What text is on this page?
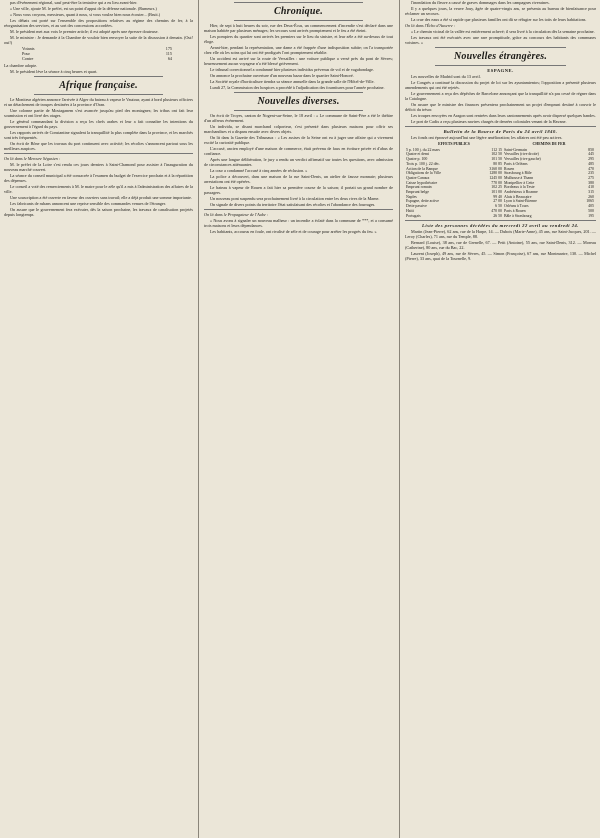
pas d'événement régional, sauf peut-être la tentative qui a eu lieu avant-hier.

« Une ville, ajoute M. le préfet, est un point d'appui de la défense nationale. (Rumeurs.)

« Nous vous croyons, messieurs, quant à nous, si vous voulez bien nous écouter... (Bruit.)

Les débats ont porté sur l'ensemble des propositions relatives au régime des chemins de fer, à la réorganisation des services, et au sort des concessions accordées.

M. le président met aux voix le premier article; il est adopté après une épreuve douteuse.

M. le ministre : Je demande à la Chambre de vouloir bien renvoyer la suite de la discussion à demain. (Oui! oui!)

Votants	175
Pour	115
Contre	64

La chambre adopte.

M. le président lève la séance à cinq heures et quart.

Afrique française.

Le Moniteur algérien annonce l'arrivée à Alger du bateau à vapeur le Vautour, ayant à bord plusieurs officiers et un détachement de troupes destinées à la province d'Oran.

Une colonne partie de Mostaganem s'est avancée jusqu'au pied des montagnes; les tribus ont fait leur soumission et ont livré des otages.

Le général commandant la division a reçu les chefs arabes et leur a fait connaître les intentions du gouvernement à l'égard du pays.

Les rapports arrivés de Constantine signalent la tranquillité la plus complète dans la province, et les marchés sont très fréquentés.

On écrit de Bône que les travaux du port continuent avec activité; les récoltes s'annoncent partout sous les meilleurs auspices.

On lit dans le Mercure Ségusien :

M. le préfet de la Loire s'est rendu ces jours derniers à Saint-Chamond pour assister à l'inauguration du nouveau marché couvert.

La séance du conseil municipal a été consacrée à l'examen du budget de l'exercice prochain et à la répartition des dépenses.

Le conseil a voté des remerciements à M. le maire pour le zèle qu'il a mis à l'administration des affaires de la ville.

Une souscription a été ouverte en faveur des ouvriers sans travail; elle a déjà produit une somme importante.

Les fabricants de rubans annoncent une reprise sensible des commandes venues de l'étranger.

On assure que le gouvernement fera exécuter, dès la saison prochaine, les travaux de canalisation projetés depuis longtemps.

Chronique.

Hier, de sept à huit heures du soir, rue des Deux-Écus, un commencement d'incendie s'est déclaré dans une maison habitée par plusieurs ménages; les secours sont arrivés promptement et le feu a été éteint.

Les pompiers du quartier sont arrivés les premiers sur le lieu du sinistre, et leur zèle a été au-dessus de tout éloge.

Avant-hier, pendant la représentation, une dame a été frappée d'une indisposition subite; on l'a transportée chez elle où les soins qui lui ont été prodigués l'ont promptement rétablie.

Un accident est arrivé sur la route de Versailles : une voiture publique a versé près du pont de Sèvres; heureusement aucun voyageur n'a été blessé grièvement.

Le tribunal correctionnel a condamné hier plusieurs individus prévenus de vol et de vagabondage.

On annonce la prochaine ouverture d'un nouveau bazar dans le quartier Saint-Honoré.

La Société royale d'horticulture tiendra sa séance annuelle dans la grande salle de l'Hôtel-de-Ville.

Lundi 27, la Commission des hospices a procédé à l'adjudication des fournitures pour l'année prochaine.

Nouvelles diverses.

On écrit de Troyes, canton de Nogent-sur-Seine, le 18 avril : « Le commune de Saint-Fère a été le théâtre d'un affreux événement.

Un individu, se disant marchand colporteur, s'est présenté dans plusieurs maisons pour offrir ses marchandises et a disparu ensuite avec divers objets.

On lit dans la Gazette des Tribunaux : « Les assises de la Seine ont eu à juger une affaire qui a vivement excité la curiosité publique.

L'accusé, ancien employé d'une maison de commerce, était prévenu de faux en écriture privée et d'abus de confiance.

Après une longue délibération, le jury a rendu un verdict affirmatif sur toutes les questions, avec admission de circonstances atténuantes.

La cour a condamné l'accusé à cinq années de réclusion. »

La police a découvert, dans une maison de la rue Saint-Denis, un atelier de fausse monnaie; plusieurs arrestations ont été opérées.

Le bateau à vapeur de Rouen a fait hier sa première course de la saison; il portait un grand nombre de passagers.

Un nouveau pont suspendu sera prochainement livré à la circulation entre les deux rives de la Marne.

On signale de divers points du territoire l'état satisfaisant des récoltes et l'abondance des fourrages.

On lit dans le Propagateur de l'Aube :

« Nous avons à signaler un nouveau malheur : un incendie a éclaté dans la commune de ***, et a consumé trois maisons et leurs dépendances.

Les habitants, accourus en foule, ont rivalisé de zèle et de courage pour arrêter les progrès du feu. »

l'inondation du fleuve a causé de graves dommages dans les campagnes riveraines.

Il y a quelques jours, la veuve Jouy, âgée de quatre-vingts ans, se présenta au bureau de bienfaisance pour réclamer un secours.

La crue des eaux a été si rapide que plusieurs familles ont dû se réfugier sur les toits de leurs habitations.

On lit dans l'Écho d'Auxerre :

« Le chemin vicinal de la vallée est entièrement achevé; il sera livré à la circulation dès la semaine prochaine.

Les travaux ont été exécutés avec une rare promptitude, grâce au concours des habitants des communes voisines. »

Nouvelles étrangères.
ESPAGNE.

Les nouvelles de Madrid sont du 13 avril.

Le Congrès a continué la discussion du projet de loi sur les ayuntamientos; l'opposition a présenté plusieurs amendements qui ont été rejetés.

Le gouvernement a reçu des dépêches de Barcelone annonçant que la tranquillité n'a pas cessé de régner dans la Catalogne.

On assure que le ministre des finances présentera prochainement un projet d'emprunt destiné à couvrir le déficit du trésor.

Les troupes envoyées en Aragon sont rentrées dans leurs cantonnements après avoir dispersé quelques bandes.

Le port de Cadix a reçu plusieurs navires chargés de denrées coloniales venant de la Havane.

Bulletin de la Bourse de Paris du 24 avril 1840.

Les fonds ont éprouvé aujourd'hui une légère amélioration; les affaires ont été peu actives.

EFFETS PUBLICS		CHEMINS DE FER	
5 p. 100 j. du 22 mars	112 15	Saint-Germain	850
Quatre et demi	102 50	Versailles (rive droite)	445
Quatre p. 100	101 50	Versailles (rive gauche)	295
Trois p. 100 j. 22 déc.	80 85	Paris à Orléans	485
Action de la Banque	3160 00	Rouen	470
Obligations de la Ville	1280 00	Strasbourg à Bâle	235
Quatre Canaux	1245 00	Mulhouse à Thann	275
Caisse hypothécaire	770 00	Montpellier à Cette	380
Emprunt romain	102 25	Bordeaux à la Teste	410
Emprunt belge	101 00	Andrézieux à Roanne	315
Naples	99 40	Alais à Beaucaire	260
Espagne, dette active	27 00	Lyon à Saint-Étienne	1065
Dette passive	6 50	Orléans à Tours	405
Haïti	470 00	Paris à Rouen	500
Portugais	26 50	Bâle à Strasbourg	195
Liste des personnes décédées du mercredi 22 avril au vendredi 24.

Martin (Jean-Pierre), 62 ans, rue de la Harpe, 14. — Dubois (Marie-Anne), 45 ans, rue Saint-Jacques, 201. — Leroy (Charles), 71 ans, rue du Temple, 88.

Bernard (Louise), 38 ans, rue de Grenelle, 67. — Petit (Antoine), 55 ans, rue Saint-Denis, 312. — Moreau (Catherine), 80 ans, rue du Bac, 22.

Laurent (Joseph), 49 ans, rue de Sèvres, 45. — Simon (Françoise), 67 ans, rue Montmartre, 130. — Michel (Pierre), 33 ans, quai de la Tournelle, 9.
